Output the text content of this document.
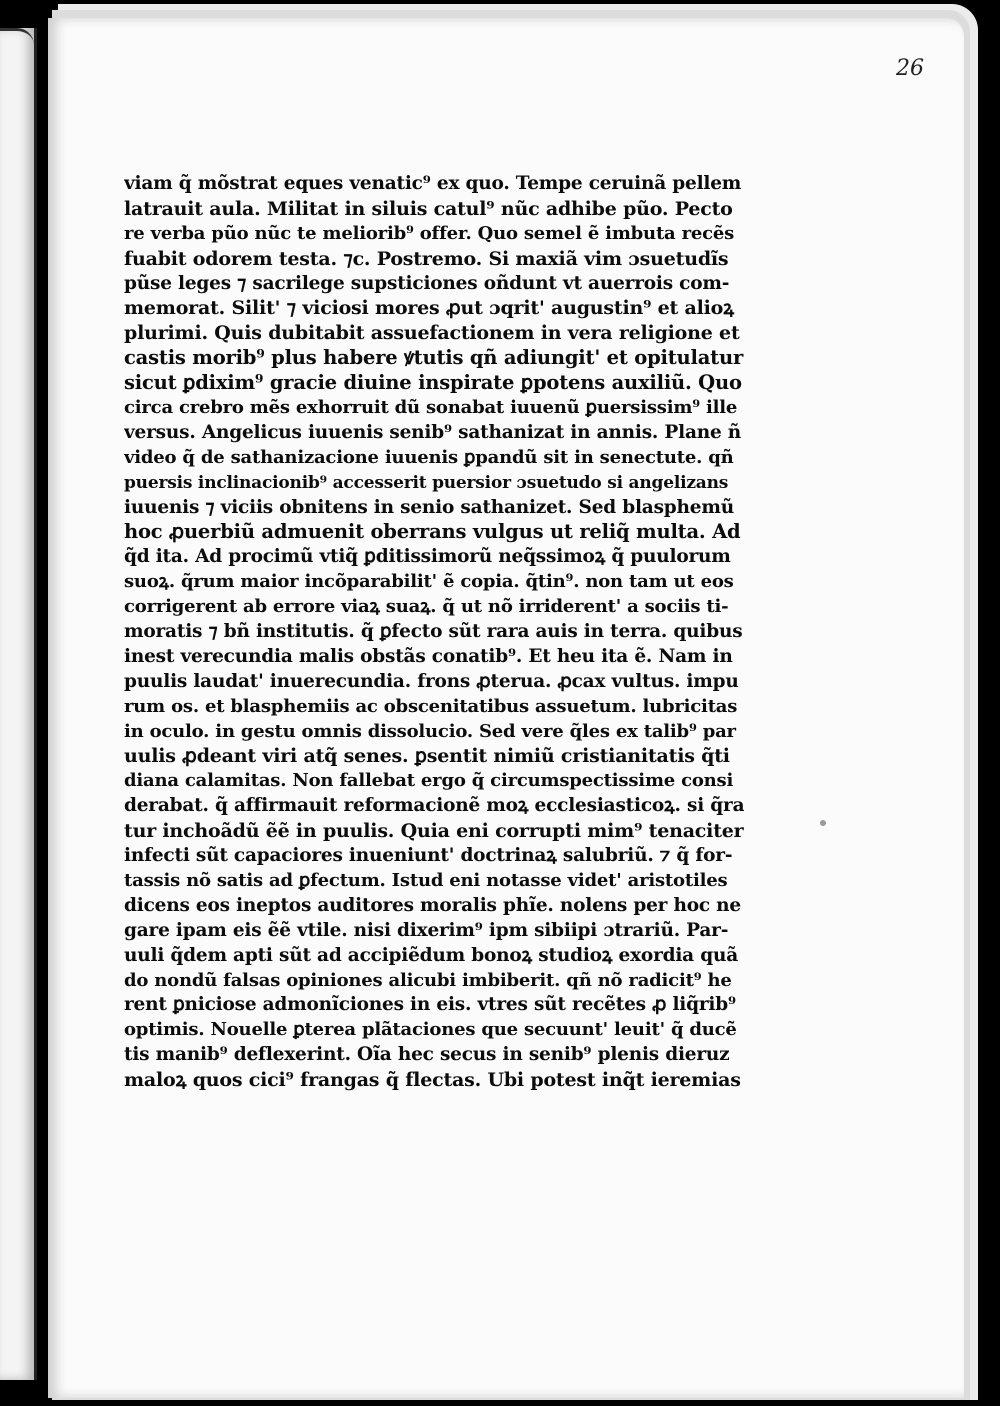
26
viam q̃ mõstrat eques venatic⁹ ex quo. Tempe ceruinã pellem
latrauit aula. Militat in siluis catul⁹ nũc adhibe pũo. Pecto
re verba pũo nũc te meliorib⁹ offer. Quo semel ẽ imbuta recẽs
fuabit odorem testa. ⁊c. Postremo. Si maxiã vim ɔsuetudĩs
pũse leges ⁊ sacrilege supsticiones oñdunt vt auerrois com-
memorat. Silit' ⁊ viciosi mores ꝓut ɔqrit' augustin⁹ et alioꝝ
plurimi. Quis dubitabit assuefactionem in vera religione et
castis morib⁹ plus habere ꝟtutis qñ adiungit' et opitulatur
sicut ꝑdixim⁹ gracie diuine inspirate ꝑpotens auxiliũ. Quo
circa crebro mẽs exhorruit dũ sonabat iuuenũ ꝑuersissim⁹ ille
versus. Angelicus iuuenis senib⁹ sathanizat in annis. Plane ñ
video q̃ de sathanizacione iuuenis ꝑpandũ sit in senectute. qñ
puersis inclinacionib⁹ accesserit puersior ɔsuetudo si angelizans
iuuenis ⁊ viciis obnitens in senio sathanizet. Sed blasphemũ
hoc ꝓuerbiũ admuenit oberrans vulgus ut reliq̃ multa. Ad
q̃d ita. Ad procimũ vtiq̃ ꝑditissimorũ neq̃ssimoꝝ q̃ puulorum
suoꝝ. q̃rum maior incõparabilit' ẽ copia. q̃tin⁹. non tam ut eos
corrigerent ab errore viaꝝ suaꝝ. q̃ ut nõ irriderent' a sociis ti-
moratis ⁊ bñ institutis. q̃ ꝑfecto sũt rara auis in terra. quibus
inest verecundia malis obstãs conatib⁹. Et heu ita ẽ. Nam in
puulis laudat' inuerecundia. frons ꝓterua. ꝓcax vultus. impu
rum os. et blasphemiis ac obscenitatibus assuetum. lubricitas
in oculo. in gestu omnis dissolucio. Sed vere q̃les ex talib⁹ par
uulis ꝓdeant viri atq̃ senes. ꝑsentit nimiũ cristianitatis q̃ti
diana calamitas. Non fallebat ergo q̃ circumspectissime consi
derabat. q̃ affirmauit reformacionẽ moꝝ ecclesiasticoꝝ. si q̃ra
tur inchoãdũ ẽẽ in puulis. Quia eni corrupti mim⁹ tenaciter
infecti sũt capaciores inueniunt' doctrinaꝝ salubriũ. ⁊ q̃ for-
tassis nõ satis ad ꝑfectum. Istud eni notasse videt' aristotiles
dicens eos ineptos auditores moralis phĩe. nolens per hoc ne
gare ipam eis ẽẽ vtile. nisi dixerim⁹ ipm sibiipi ɔtrariũ. Par-
uuli q̃dem apti sũt ad accipiẽdum bonoꝝ studioꝝ exordia quã
do nondũ falsas opiniones alicubi imbiberit. qñ nõ radicit⁹ he
rent ꝑniciose admonĩciones in eis. vtres sũt recẽtes ꝓ liq̃rib⁹
optimis. Nouelle ꝑterea plãtaciones que secuunt' leuit' q̃ ducẽ
tis manib⁹ deflexerint. Oĩa hec secus in senib⁹ plenis dieruz
maloꝝ quos cici⁹ frangas q̃ flectas. Ubi potest inq̃t ieremias
